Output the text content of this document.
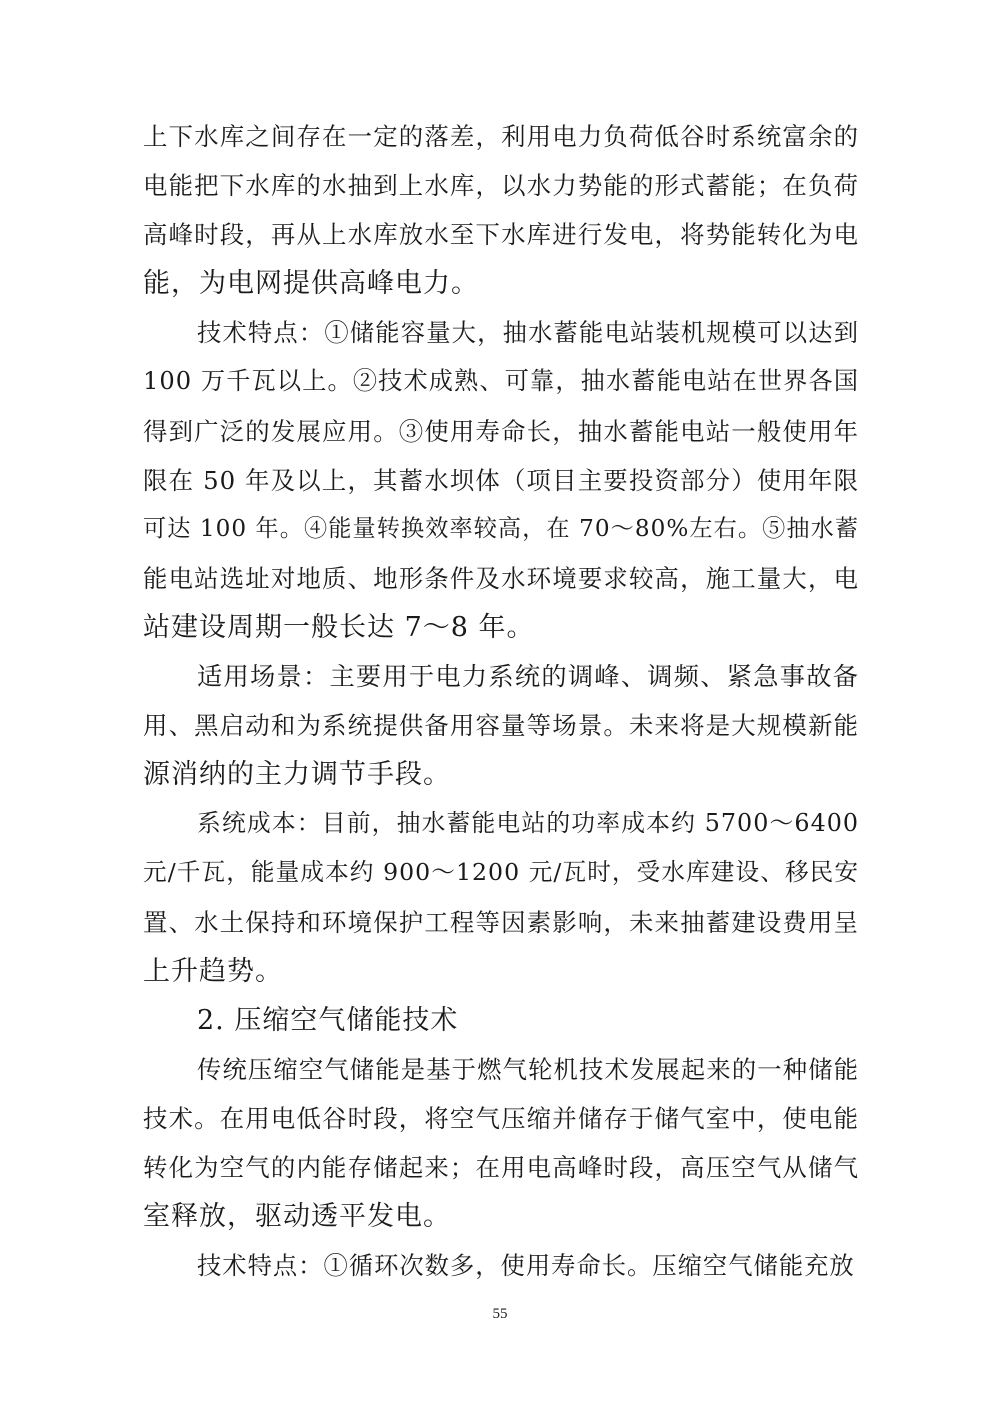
上下水库之间存在一定的落差，利用电力负荷低谷时系统富余的
电能把下水库的水抽到上水库，以水力势能的形式蓄能；在负荷
高峰时段，再从上水库放水至下水库进行发电，将势能转化为电
能，为电网提供高峰电力。
技术特点：①储能容量大，抽水蓄能电站装机规模可以达到
100 万千瓦以上。②技术成熟、可靠，抽水蓄能电站在世界各国
得到广泛的发展应用。③使用寿命长，抽水蓄能电站一般使用年
限在 50 年及以上，其蓄水坝体（项目主要投资部分）使用年限
可达 100 年。④能量转换效率较高，在 70～80%左右。⑤抽水蓄
能电站选址对地质、地形条件及水环境要求较高，施工量大，电
站建设周期一般长达 7～8 年。
适用场景：主要用于电力系统的调峰、调频、紧急事故备
用、黑启动和为系统提供备用容量等场景。未来将是大规模新能
源消纳的主力调节手段。
系统成本：目前，抽水蓄能电站的功率成本约 5700～6400
元/千瓦，能量成本约 900～1200 元/瓦时，受水库建设、移民安
置、水土保持和环境保护工程等因素影响，未来抽蓄建设费用呈
上升趋势。
2. 压缩空气储能技术
传统压缩空气储能是基于燃气轮机技术发展起来的一种储能
技术。在用电低谷时段，将空气压缩并储存于储气室中，使电能
转化为空气的内能存储起来；在用电高峰时段，高压空气从储气
室释放，驱动透平发电。
技术特点：①循环次数多，使用寿命长。压缩空气储能充放
55
